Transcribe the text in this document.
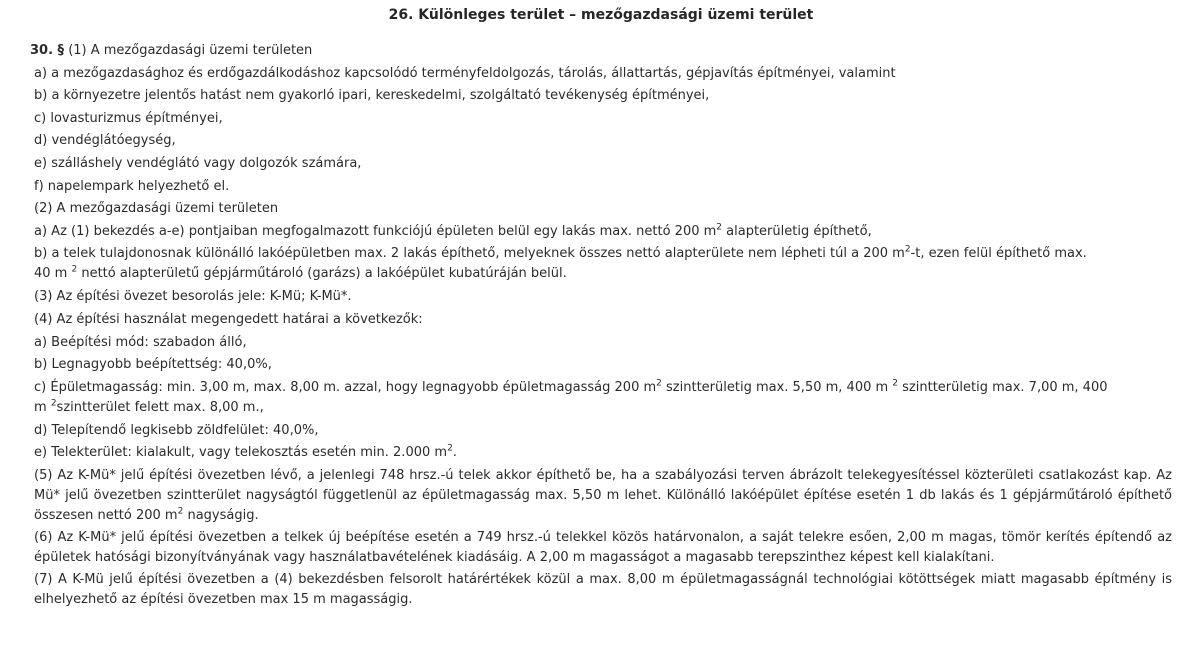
26. Különleges terület – mezőgazdasági üzemi terület
30. § (1) A mezőgazdasági üzemi területen
a) a mezőgazdasághoz és erdőgazdálkodáshoz kapcsolódó terményfeldolgozás, tárolás, állattartás, gépjavítás építményei, valamint
b) a környezetre jelentős hatást nem gyakorló ipari, kereskedelmi, szolgáltató tevékenység építményei,
c) lovasturizmus építményei,
d) vendéglátóegység,
e) szálláshely vendéglátó vagy dolgozók számára,
f) napelempark helyezhető el.
(2) A mezőgazdasági üzemi területen
a) Az (1) bekezdés a-e) pontjaiban megfogalmazott funkciójú épületen belül egy lakás max. nettó 200 $m^2$ alapterületig építhető,
b) a telek tulajdonosnak különálló lakóépületben max. 2 lakás építhető, melyeknek összes nettó alapterülete nem lépheti túl a 200 $m^2-t$, ezen felül építhető max.
40 m $^2$ nettó alapterületű gépjárműtároló (garázs) a lakóépület kubatúráján belül.
(3) Az építési övezet besorolás jele: K-Mü; K-Mü*.
(4) Az építési használat megengedett határai a következők:
a) Beépítési mód: szabadon álló,
b) Legnagyobb beépítettség: 40,0%,
c) Épületmagasság: min. 3,00 m, max. 8,00 m. azzal, hogy legnagyobb épületmagasság 200 $m^2$ szintterületig max. 5,50 m, 400 m $^2$ szintterületig max. 7,00 m, 400
m $^2$szintterület felett max. 8,00 m.,
d) Telepítendő legkisebb zöldfelület: 40,0%,
e) Telekterület: kialakult, vagy telekosztás esetén min. 2.000 $m^2$.
(5) Az K-Mü* jelű építési övezetben lévő, a jelenlegi 748 hrsz.-ú telek akkor építhető be, ha a szabályozási terven ábrázolt telekegyesítéssel közterületi csatlakozást kap. Az Mü* jelű övezetben szintterület nagyságtól függetlenül az épületmagasság max. 5,50 m lehet. Különálló lakóépület építése esetén 1 db lakás és 1 gépjárműtároló építhető összesen nettó 200 $m^2$ nagyságig.
(6) Az K-Mü* jelű építési övezetben a telkek új beépítése esetén a 749 hrsz.-ú telekkel közös határvonalon, a saját telekre esően, 2,00 m magas, tömör kerítés építendő az épületek hatósági bizonyítványának vagy használatbavételének kiadásáig. A 2,00 m magasságot a magasabb terepszinthez képest kell kialakítani.
(7) A K-Mü jelű építési övezetben a (4) bekezdésben felsorolt határértékek közül a max. 8,00 m épületmagasságnál technológiai kötöttségek miatt magasabb építmény is elhelyezhető az építési övezetben max 15 m magasságig.
